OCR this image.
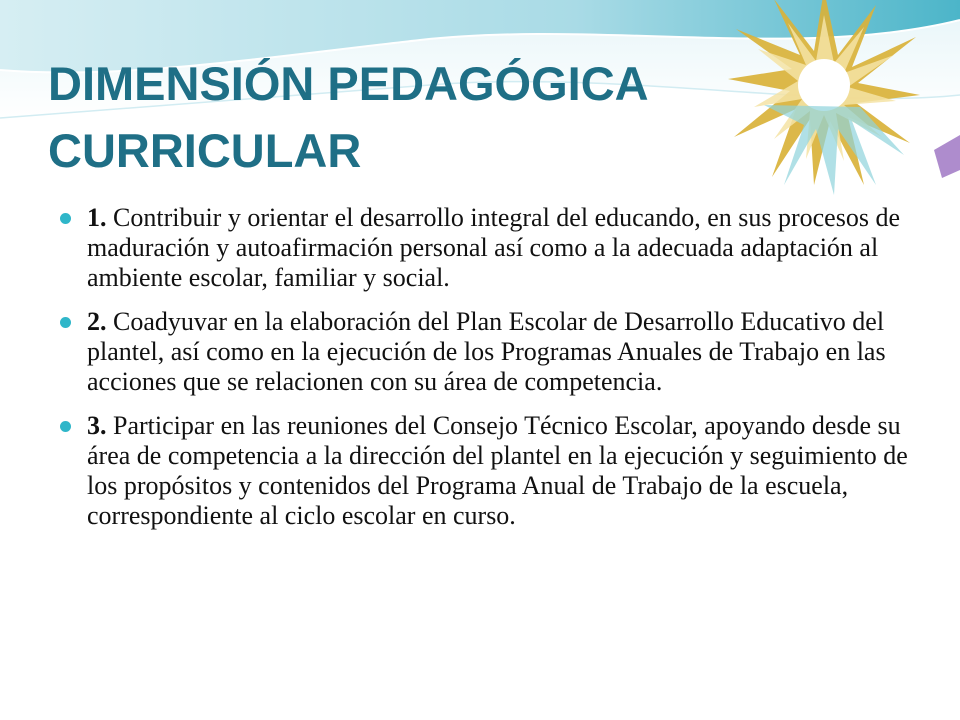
DIMENSIÓN PEDAGÓGICA
CURRICULAR
1. Contribuir y orientar el desarrollo integral del educando, en sus procesos de maduración y autoafirmación personal así como a la adecuada adaptación al ambiente escolar, familiar y social.
2. Coadyuvar en la elaboración del Plan Escolar de Desarrollo Educativo del plantel, así como en la ejecución de los Programas Anuales de Trabajo en las acciones que se relacionen con su área de competencia.
3. Participar en las reuniones del Consejo Técnico Escolar, apoyando desde su área de competencia a la dirección del plantel en la ejecución y seguimiento de los propósitos y contenidos del Programa Anual de Trabajo de la escuela, correspondiente al ciclo escolar en curso.
